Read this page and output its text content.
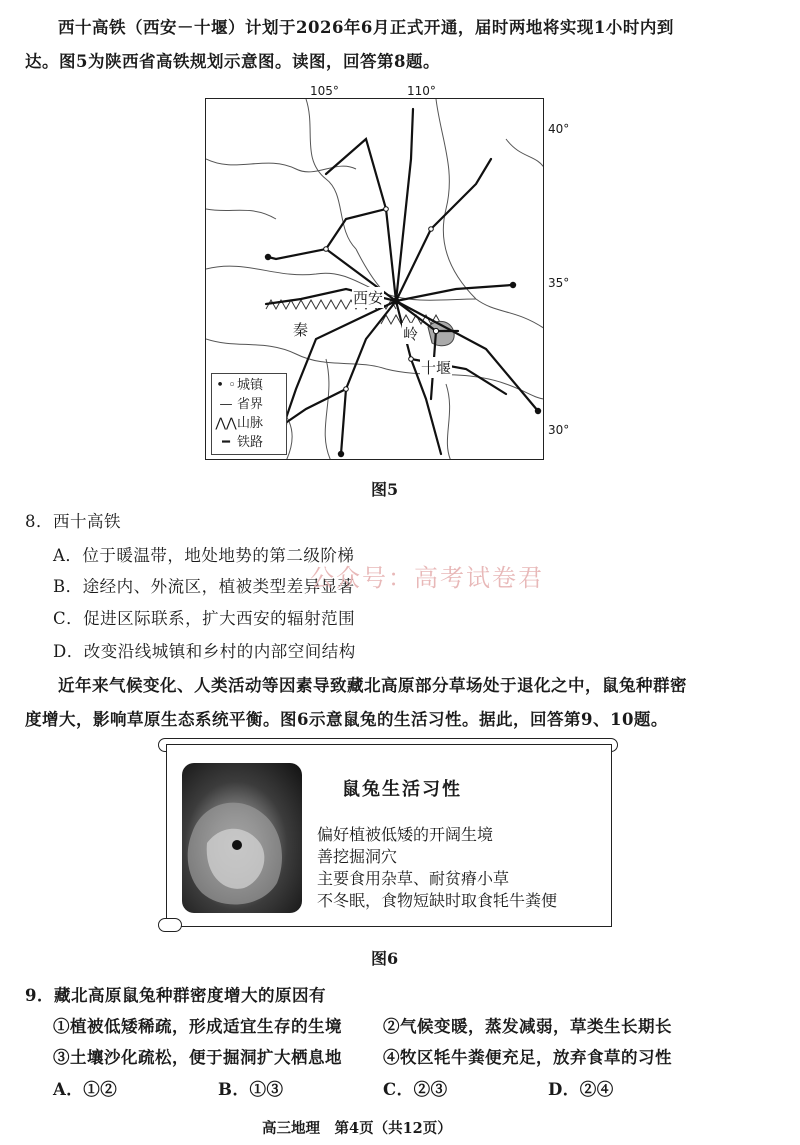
西十高铁（西安－十堰）计划于2026年6月正式开通，届时两地将实现1小时内到
达。图5为陕西省高铁规划示意图。读图，回答第8题。
105°	110°
西安
秦	岭
十堰
• ◦城镇
— 省界
⋀⋀山脉
━ 铁路
40°
35°
30°
图5
8．西十高铁
A．位于暖温带，地处地势的第二级阶梯
B．途经内、外流区，植被类型差异显著
C．促进区际联系，扩大西安的辐射范围
D．改变沿线城镇和乡村的内部空间结构
公众号：高考试卷君
近年来气候变化、人类活动等因素导致藏北高原部分草场处于退化之中，鼠兔种群密
度增大，影响草原生态系统平衡。图6示意鼠兔的生活习性。据此，回答第9、10题。
鼠兔生活习性
偏好植被低矮的开阔生境
善挖掘洞穴
主要食用杂草、耐贫瘠小草
不冬眠，食物短缺时取食牦牛粪便
图6
9．藏北高原鼠兔种群密度增大的原因有
①植被低矮稀疏，形成适宜生存的生境 ②气候变暖，蒸发减弱，草类生长期长
③土壤沙化疏松，便于掘洞扩大栖息地 ④牧区牦牛粪便充足，放弃食草的习性
A．①②	B．①③	C．②③	D．②④
高三地理　第4页（共12页）
